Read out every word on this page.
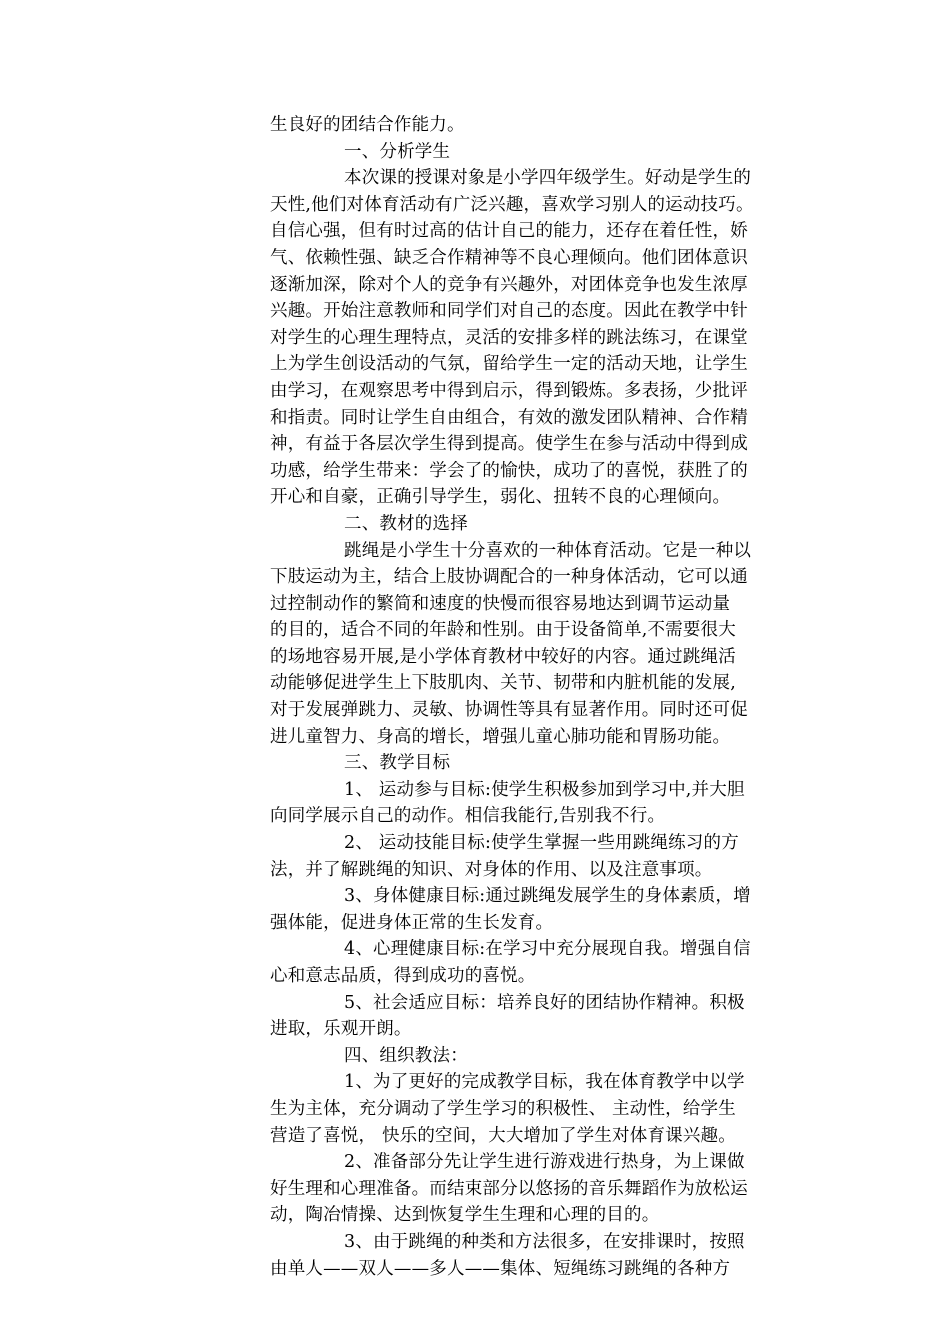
生良好的团结合作能力。
一、分析学生
本次课的授课对象是小学四年级学生。好动是学生的
天性,他们对体育活动有广泛兴趣，喜欢学习别人的运动技巧。
自信心强，但有时过高的估计自己的能力，还存在着任性，娇
气、依赖性强、缺乏合作精神等不良心理倾向。他们团体意识
逐渐加深，除对个人的竞争有兴趣外，对团体竞争也发生浓厚
兴趣。开始注意教师和同学们对自己的态度。因此在教学中针
对学生的心理生理特点，灵活的安排多样的跳法练习，在课堂
上为学生创设活动的气氛，留给学生一定的活动天地，让学生
由学习，在观察思考中得到启示，得到锻炼。多表扬，少批评
和指责。同时让学生自由组合，有效的激发团队精神、合作精
神，有益于各层次学生得到提高。使学生在参与活动中得到成
功感，给学生带来：学会了的愉快，成功了的喜悦，获胜了的
开心和自豪，正确引导学生，弱化、扭转不良的心理倾向。
二、教材的选择
跳绳是小学生十分喜欢的一种体育活动。它是一种以
下肢运动为主，结合上肢协调配合的一种身体活动，它可以通
过控制动作的繁简和速度的快慢而很容易地达到调节运动量
的目的，适合不同的年龄和性别。由于设备简单,不需要很大
的场地容易开展,是小学体育教材中较好的内容。通过跳绳活
动能够促进学生上下肢肌肉、关节、韧带和内脏机能的发展,
对于发展弹跳力、灵敏、协调性等具有显著作用。同时还可促
进儿童智力、身高的增长，增强儿童心肺功能和胃肠功能。
三、教学目标
1、 运动参与目标:使学生积极参加到学习中,并大胆
向同学展示自己的动作。相信我能行,告别我不行。
2、 运动技能目标:使学生掌握一些用跳绳练习的方
法，并了解跳绳的知识、对身体的作用、以及注意事项。
3、身体健康目标:通过跳绳发展学生的身体素质，增
强体能，促进身体正常的生长发育。
4、心理健康目标:在学习中充分展现自我。增强自信
心和意志品质，得到成功的喜悦。
5、社会适应目标：培养良好的团结协作精神。积极
进取，乐观开朗。
四、组织教法：
1、为了更好的完成教学目标，我在体育教学中以学
生为主体，充分调动了学生学习的积极性、 主动性，给学生
营造了喜悦， 快乐的空间，大大增加了学生对体育课兴趣。
2、准备部分先让学生进行游戏进行热身，为上课做
好生理和心理准备。而结束部分以悠扬的音乐舞蹈作为放松运
动，陶冶情操、达到恢复学生生理和心理的目的。
3、由于跳绳的种类和方法很多，在安排课时，按照
由单人——双人——多人——集体、短绳练习跳绳的各种方
